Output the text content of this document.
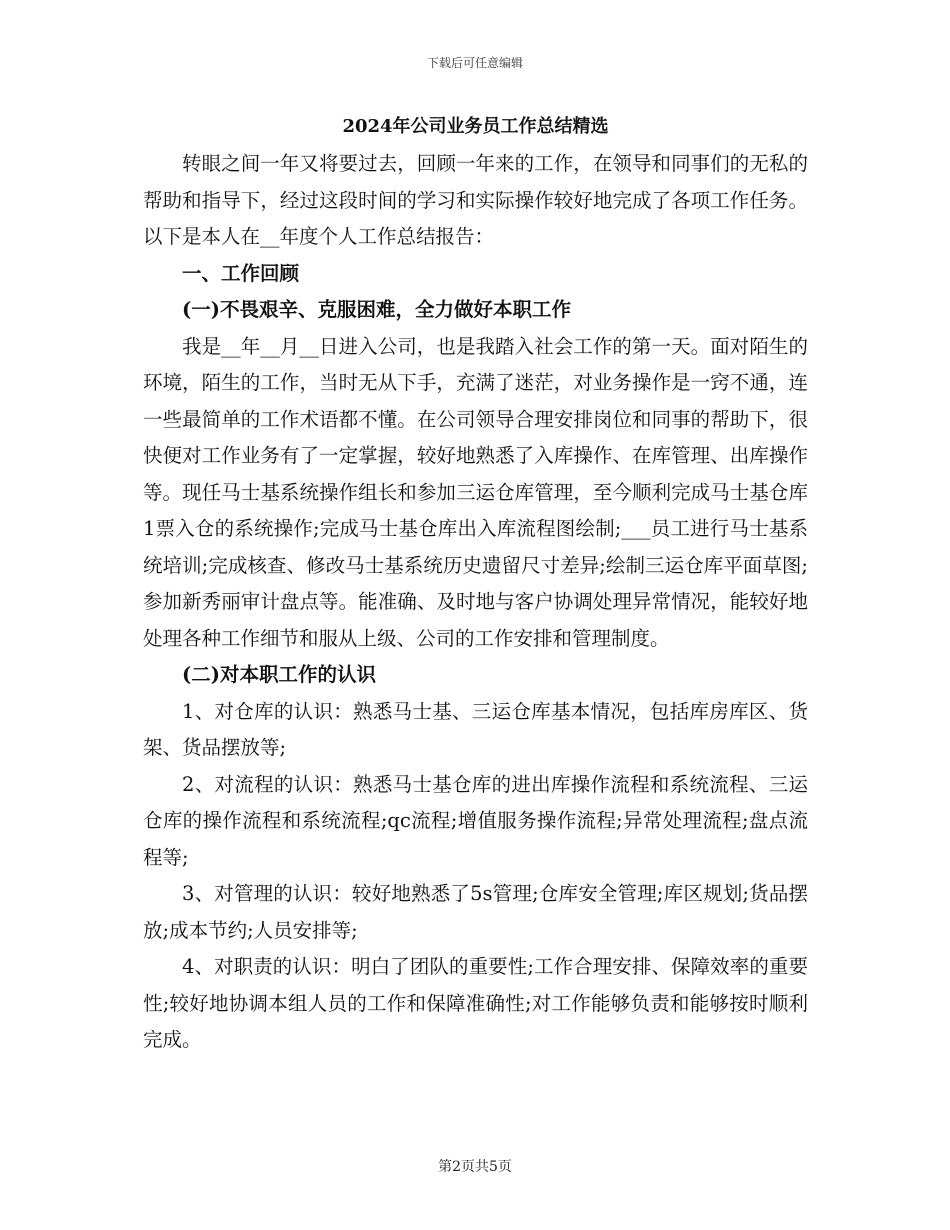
下载后可任意编辑
2024年公司业务员工作总结精选

转眼之间一年又将要过去，回顾一年来的工作，在领导和同事们的无私的帮助和指导下，经过这段时间的学习和实际操作较好地完成了各项工作任务。以下是本人在__年度个人工作总结报告：

一、工作回顾

(一)不畏艰辛、克服困难，全力做好本职工作

我是__年__月__日进入公司，也是我踏入社会工作的第一天。面对陌生的环境，陌生的工作，当时无从下手，充满了迷茫，对业务操作是一窍不通，连一些最简单的工作术语都不懂。在公司领导合理安排岗位和同事的帮助下，很快便对工作业务有了一定掌握，较好地熟悉了入库操作、在库管理、出库操作等。现任马士基系统操作组长和参加三运仓库管理，至今顺利完成马士基仓库1票入仓的系统操作;完成马士基仓库出入库流程图绘制;___员工进行马士基系统培训;完成核查、修改马士基系统历史遗留尺寸差异;绘制三运仓库平面草图;参加新秀丽审计盘点等。能准确、及时地与客户协调处理异常情况，能较好地处理各种工作细节和服从上级、公司的工作安排和管理制度。

(二)对本职工作的认识

1、对仓库的认识：熟悉马士基、三运仓库基本情况，包括库房库区、货架、货品摆放等;

2、对流程的认识：熟悉马士基仓库的进出库操作流程和系统流程、三运仓库的操作流程和系统流程;qc流程;增值服务操作流程;异常处理流程;盘点流程等;

3、对管理的认识：较好地熟悉了5s管理;仓库安全管理;库区规划;货品摆放;成本节约;人员安排等;

4、对职责的认识：明白了团队的重要性;工作合理安排、保障效率的重要性;较好地协调本组人员的工作和保障准确性;对工作能够负责和能够按时顺利完成。

第2页共5页
